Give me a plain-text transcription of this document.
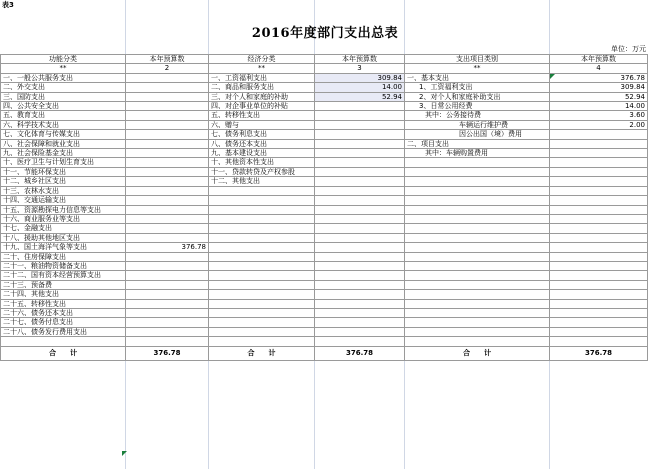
表3
2016年度部门支出总表
单位：万元
功能分类	本年预算数	经济分类	本年预算数	支出项目类别	本年预算数
**	2	**	3	**	4
一、一般公共服务支出		一、工资福利支出	309.84	一、基本支出	376.78
二、外交支出		二、商品和服务支出	14.00	1、工资福利支出	309.84
三、国防支出		三、对个人和家庭的补助	52.94	2、对个人和家庭补助支出	52.94
四、公共安全支出		四、对企事业单位的补贴		3、日常公用经费	14.00
五、教育支出		五、转移性支出		其中：公务接待费	3.60
六、科学技术支出		六、赠与		车辆运行维护费	2.00
七、文化体育与传媒支出		七、债务利息支出		因公出国（境）费用	
八、社会保障和就业支出		八、债务还本支出		二、项目支出	
九、社会保险基金支出		九、基本建设支出		其中：车辆购置费用	
十、医疗卫生与计划生育支出		十、其他资本性支出			
十一、节能环保支出		十一、贷款转贷及产权参股			
十二、城乡社区支出		十二、其他支出			
十三、农林水支出					
十四、交通运输支出					
十五、资源勘探电力信息等支出					
十六、商业服务业等支出					
十七、金融支出					
十八、援助其他地区支出					
十九、国土海洋气象等支出	376.78				
二十、住房保障支出					
二十一、粮油物资储备支出					
二十二、国有资本经营预算支出					
二十三、预备费					
二十四、其他支出					
二十五、转移性支出					
二十六、债务还本支出					
二十七、债务付息支出					
二十八、债务发行费用支出					

合　　计	376.78	合　　计	376.78	合　　计	376.78
